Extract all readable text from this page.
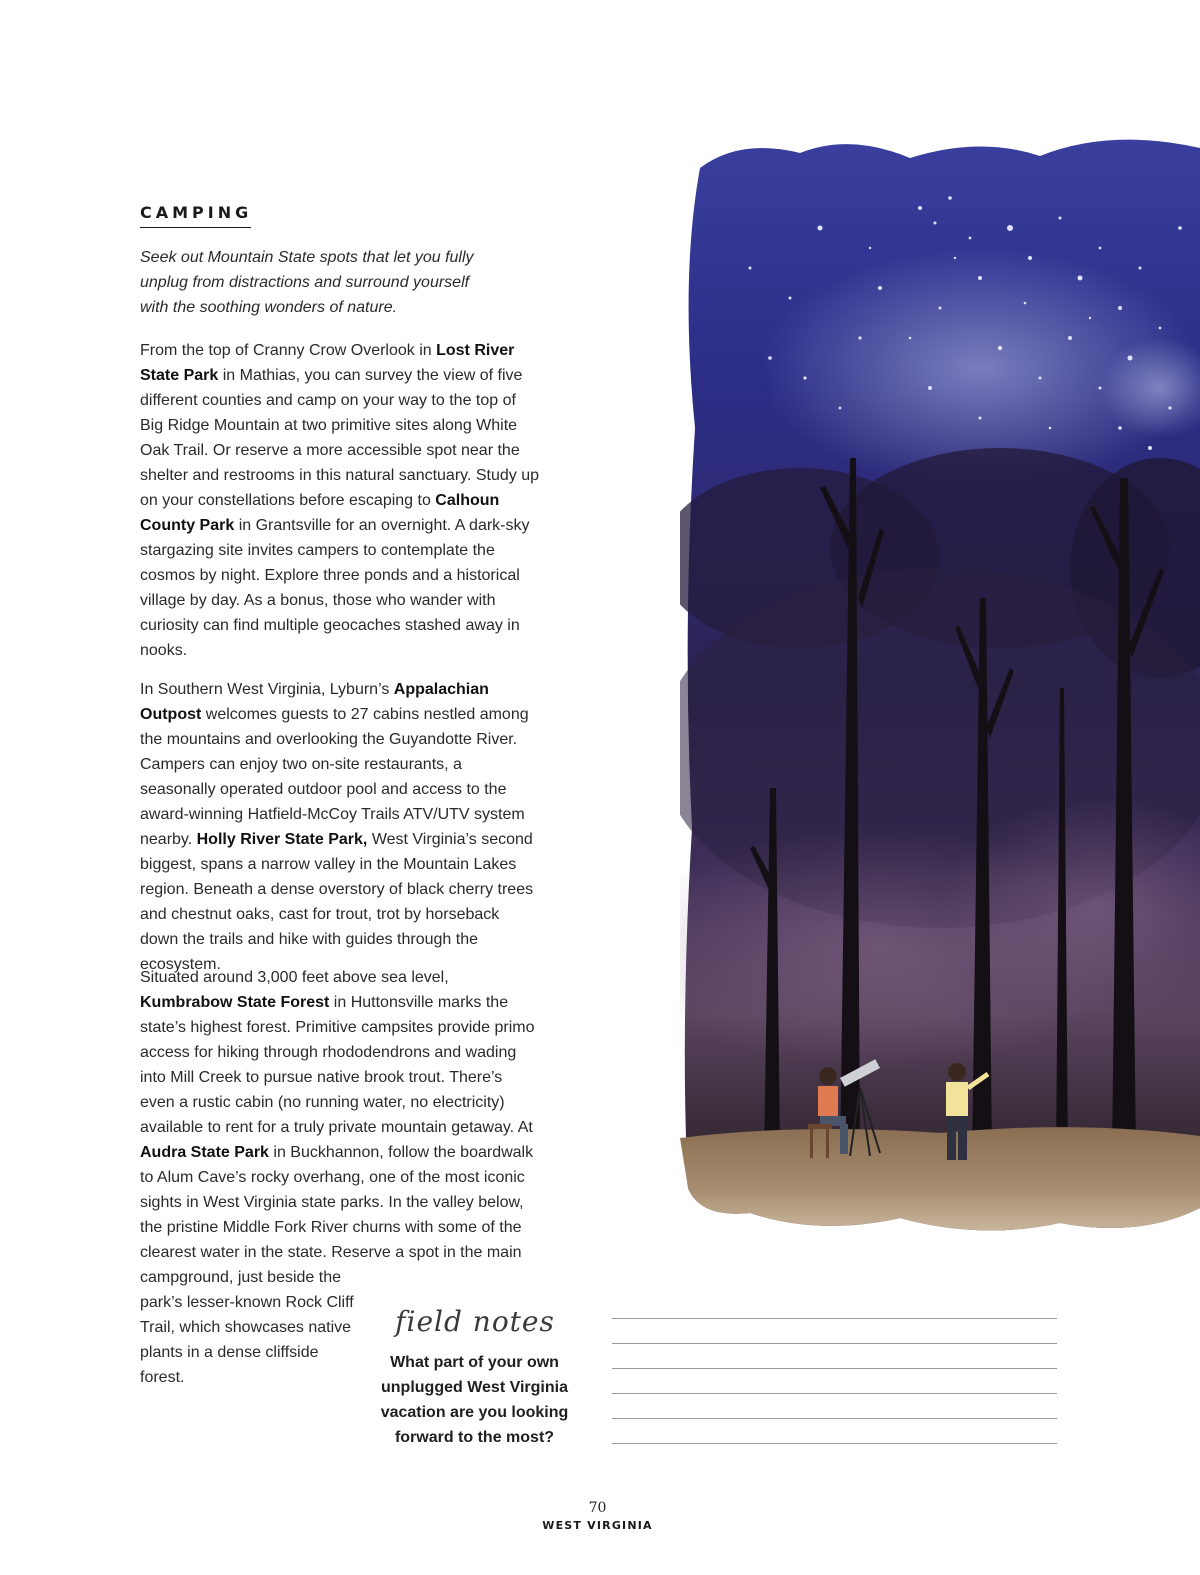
CAMPING
Seek out Mountain State spots that let you fully unplug from distractions and surround yourself with the soothing wonders of nature.

From the top of Cranny Crow Overlook in Lost River State Park in Mathias, you can survey the view of five different counties and camp on your way to the top of Big Ridge Mountain at two primitive sites along White Oak Trail. Or reserve a more accessible spot near the shelter and restrooms in this natural sanctuary. Study up on your constellations before escaping to Calhoun County Park in Grantsville for an overnight. A dark-sky stargazing site invites campers to contemplate the cosmos by night. Explore three ponds and a historical village by day. As a bonus, those who wander with curiosity can find multiple geocaches stashed away in nooks.

In Southern West Virginia, Lyburn’s Appalachian Outpost welcomes guests to 27 cabins nestled among the mountains and overlooking the Guyandotte River. Campers can enjoy two on-site restaurants, a seasonally operated outdoor pool and access to the award-winning Hatfield-McCoy Trails ATV/UTV system nearby. Holly River State Park, West Virginia’s second biggest, spans a narrow valley in the Mountain Lakes region. Beneath a dense overstory of black cherry trees and chestnut oaks, cast for trout, trot by horseback down the trails and hike with guides through the ecosystem.

Situated around 3,000 feet above sea level, Kumbrabow State Forest in Huttonsville marks the state’s highest forest. Primitive campsites provide primo access for hiking through rhododendrons and wading into Mill Creek to pursue native brook trout. There’s even a rustic cabin (no running water, no electricity) available to rent for a truly private mountain getaway. At Audra State Park in Buckhannon, follow the boardwalk to Alum Cave’s rocky overhang, one of the most iconic sights in West Virginia state parks. In the valley below, the pristine Middle Fork River churns with some of the clearest water in the state. Reserve a spot in the main

campground, just beside the park’s lesser-known Rock Cliff Trail, which showcases native plants in a dense cliffside forest.
field notes
What part of your own unplugged West Virginia vacation are you looking forward to the most?
70
WEST VIRGINIA
